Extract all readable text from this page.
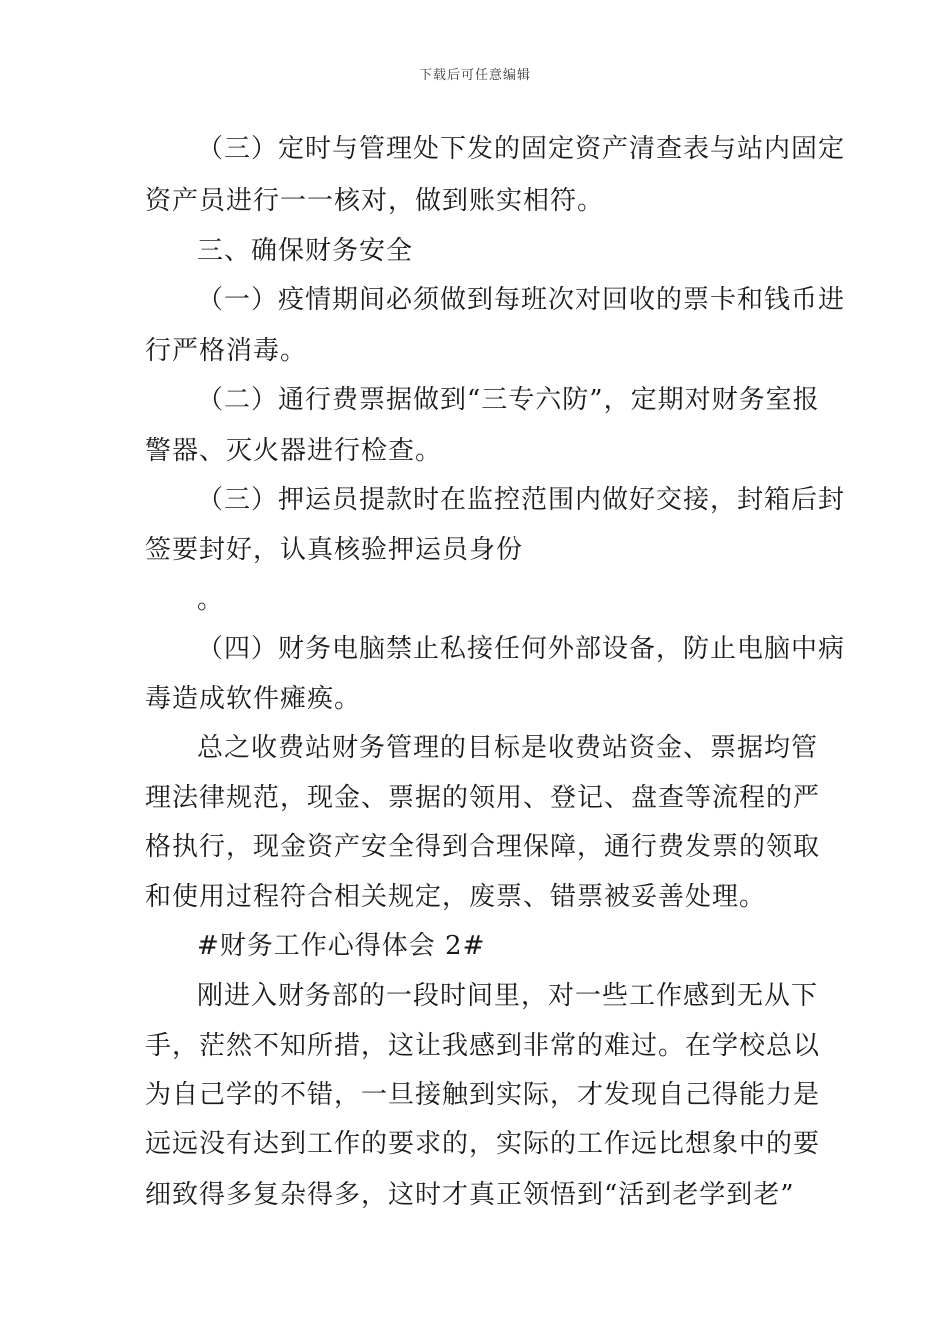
下载后可任意编辑
（三）定时与管理处下发的固定资产清查表与站内固定
资产员进行一一核对，做到账实相符。
三、确保财务安全
（一）疫情期间必须做到每班次对回收的票卡和钱币进
行严格消毒。
（二）通行费票据做到“三专六防”，定期对财务室报
警器、灭火器进行检查。
（三）押运员提款时在监控范围内做好交接，封箱后封
签要封好，认真核验押运员身份
。
（四）财务电脑禁止私接任何外部设备，防止电脑中病
毒造成软件瘫痪。
总之收费站财务管理的目标是收费站资金、票据均管
理法律规范，现金、票据的领用、登记、盘查等流程的严
格执行，现金资产安全得到合理保障，通行费发票的领取
和使用过程符合相关规定，废票、错票被妥善处理。
#财务工作心得体会 2#
刚进入财务部的一段时间里，对一些工作感到无从下
手，茫然不知所措，这让我感到非常的难过。在学校总以
为自己学的不错，一旦接触到实际，才发现自己得能力是
远远没有达到工作的要求的，实际的工作远比想象中的要
细致得多复杂得多，这时才真正领悟到“活到老学到老”
